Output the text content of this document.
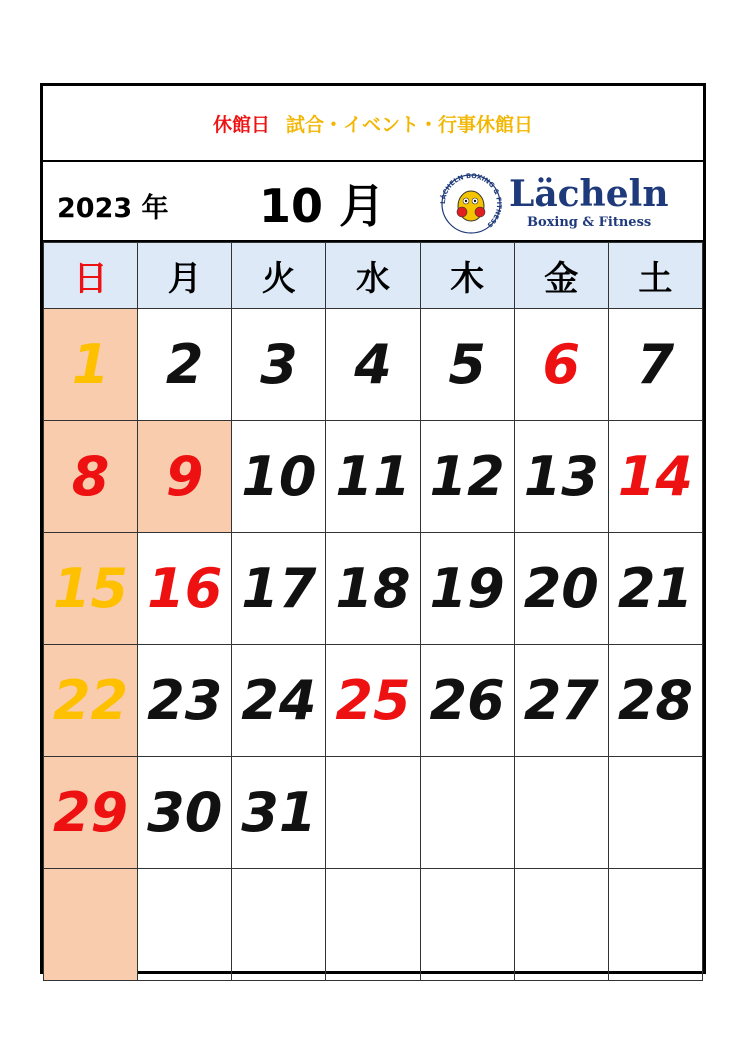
休館日 試合・イベント・行事休館日
2023 年 10 月	LÄCHELN BOXING & FITNESS
Lächeln
Boxing & Fitness
日	月	火	水	木	金	土
1	2	3	4	5	6	7
8	9	10	11	12	13	14
15	16	17	18	19	20	21
22	23	24	25	26	27	28
29	30	31				
